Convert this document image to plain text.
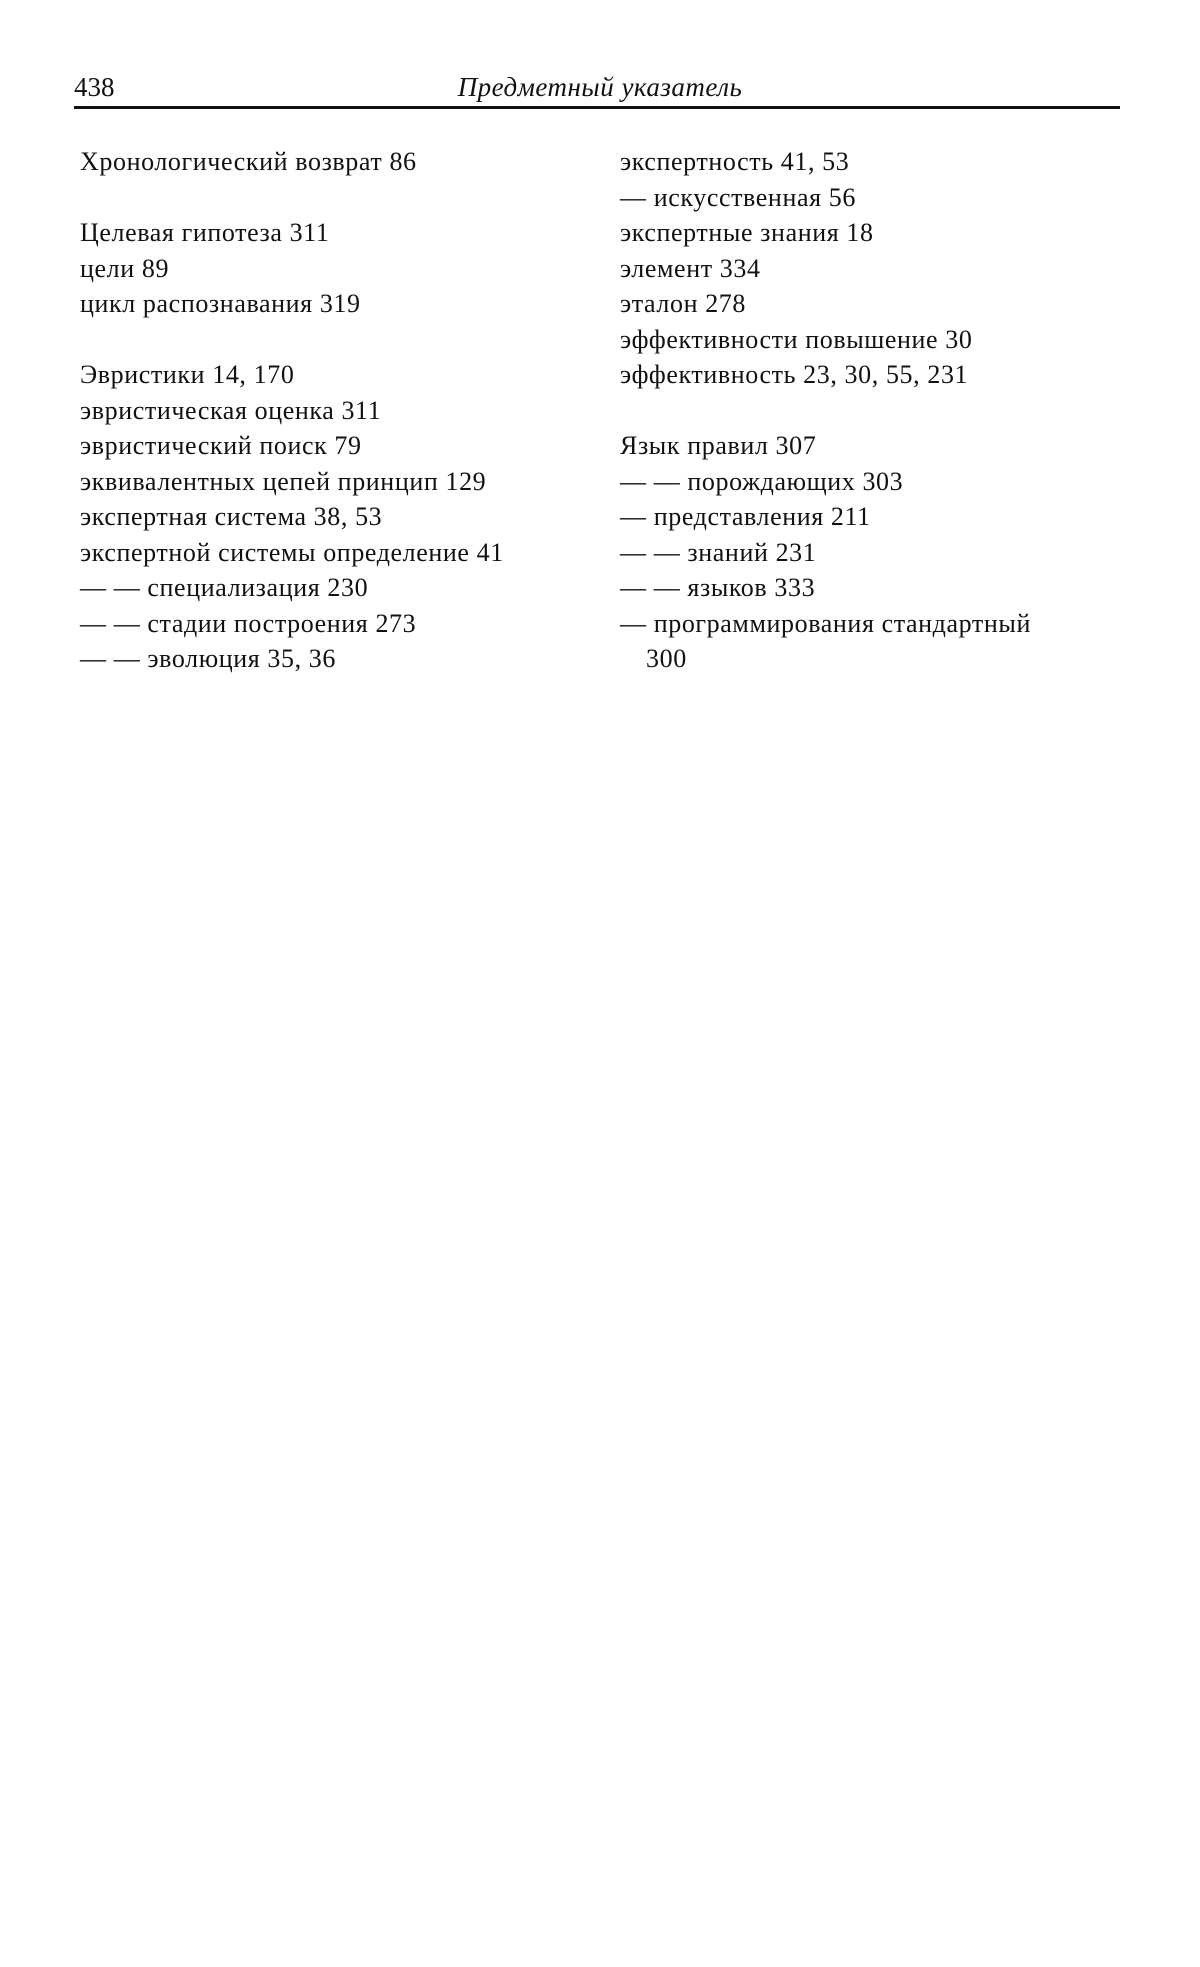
438	Предметный указатель
Хронологический возврат 86
Целевая гипотеза 311
цели 89
цикл распознавания 319
Эвристики 14, 170
эвристическая оценка 311
эвристический поиск 79
эквивалентных цепей принцип 129
экспертная система 38, 53
экспертной системы определение 41
— — специализация 230
— — стадии построения 273
— — эволюция 35, 36
экспертность 41, 53
— искусственная 56
экспертные знания 18
элемент 334
эталон 278
эффективности повышение 30
эффективность 23, 30, 55, 231
Язык правил 307
— — порождающих 303
— представления 211
— — знаний 231
— — языков 333
— программирования стандартный
300
